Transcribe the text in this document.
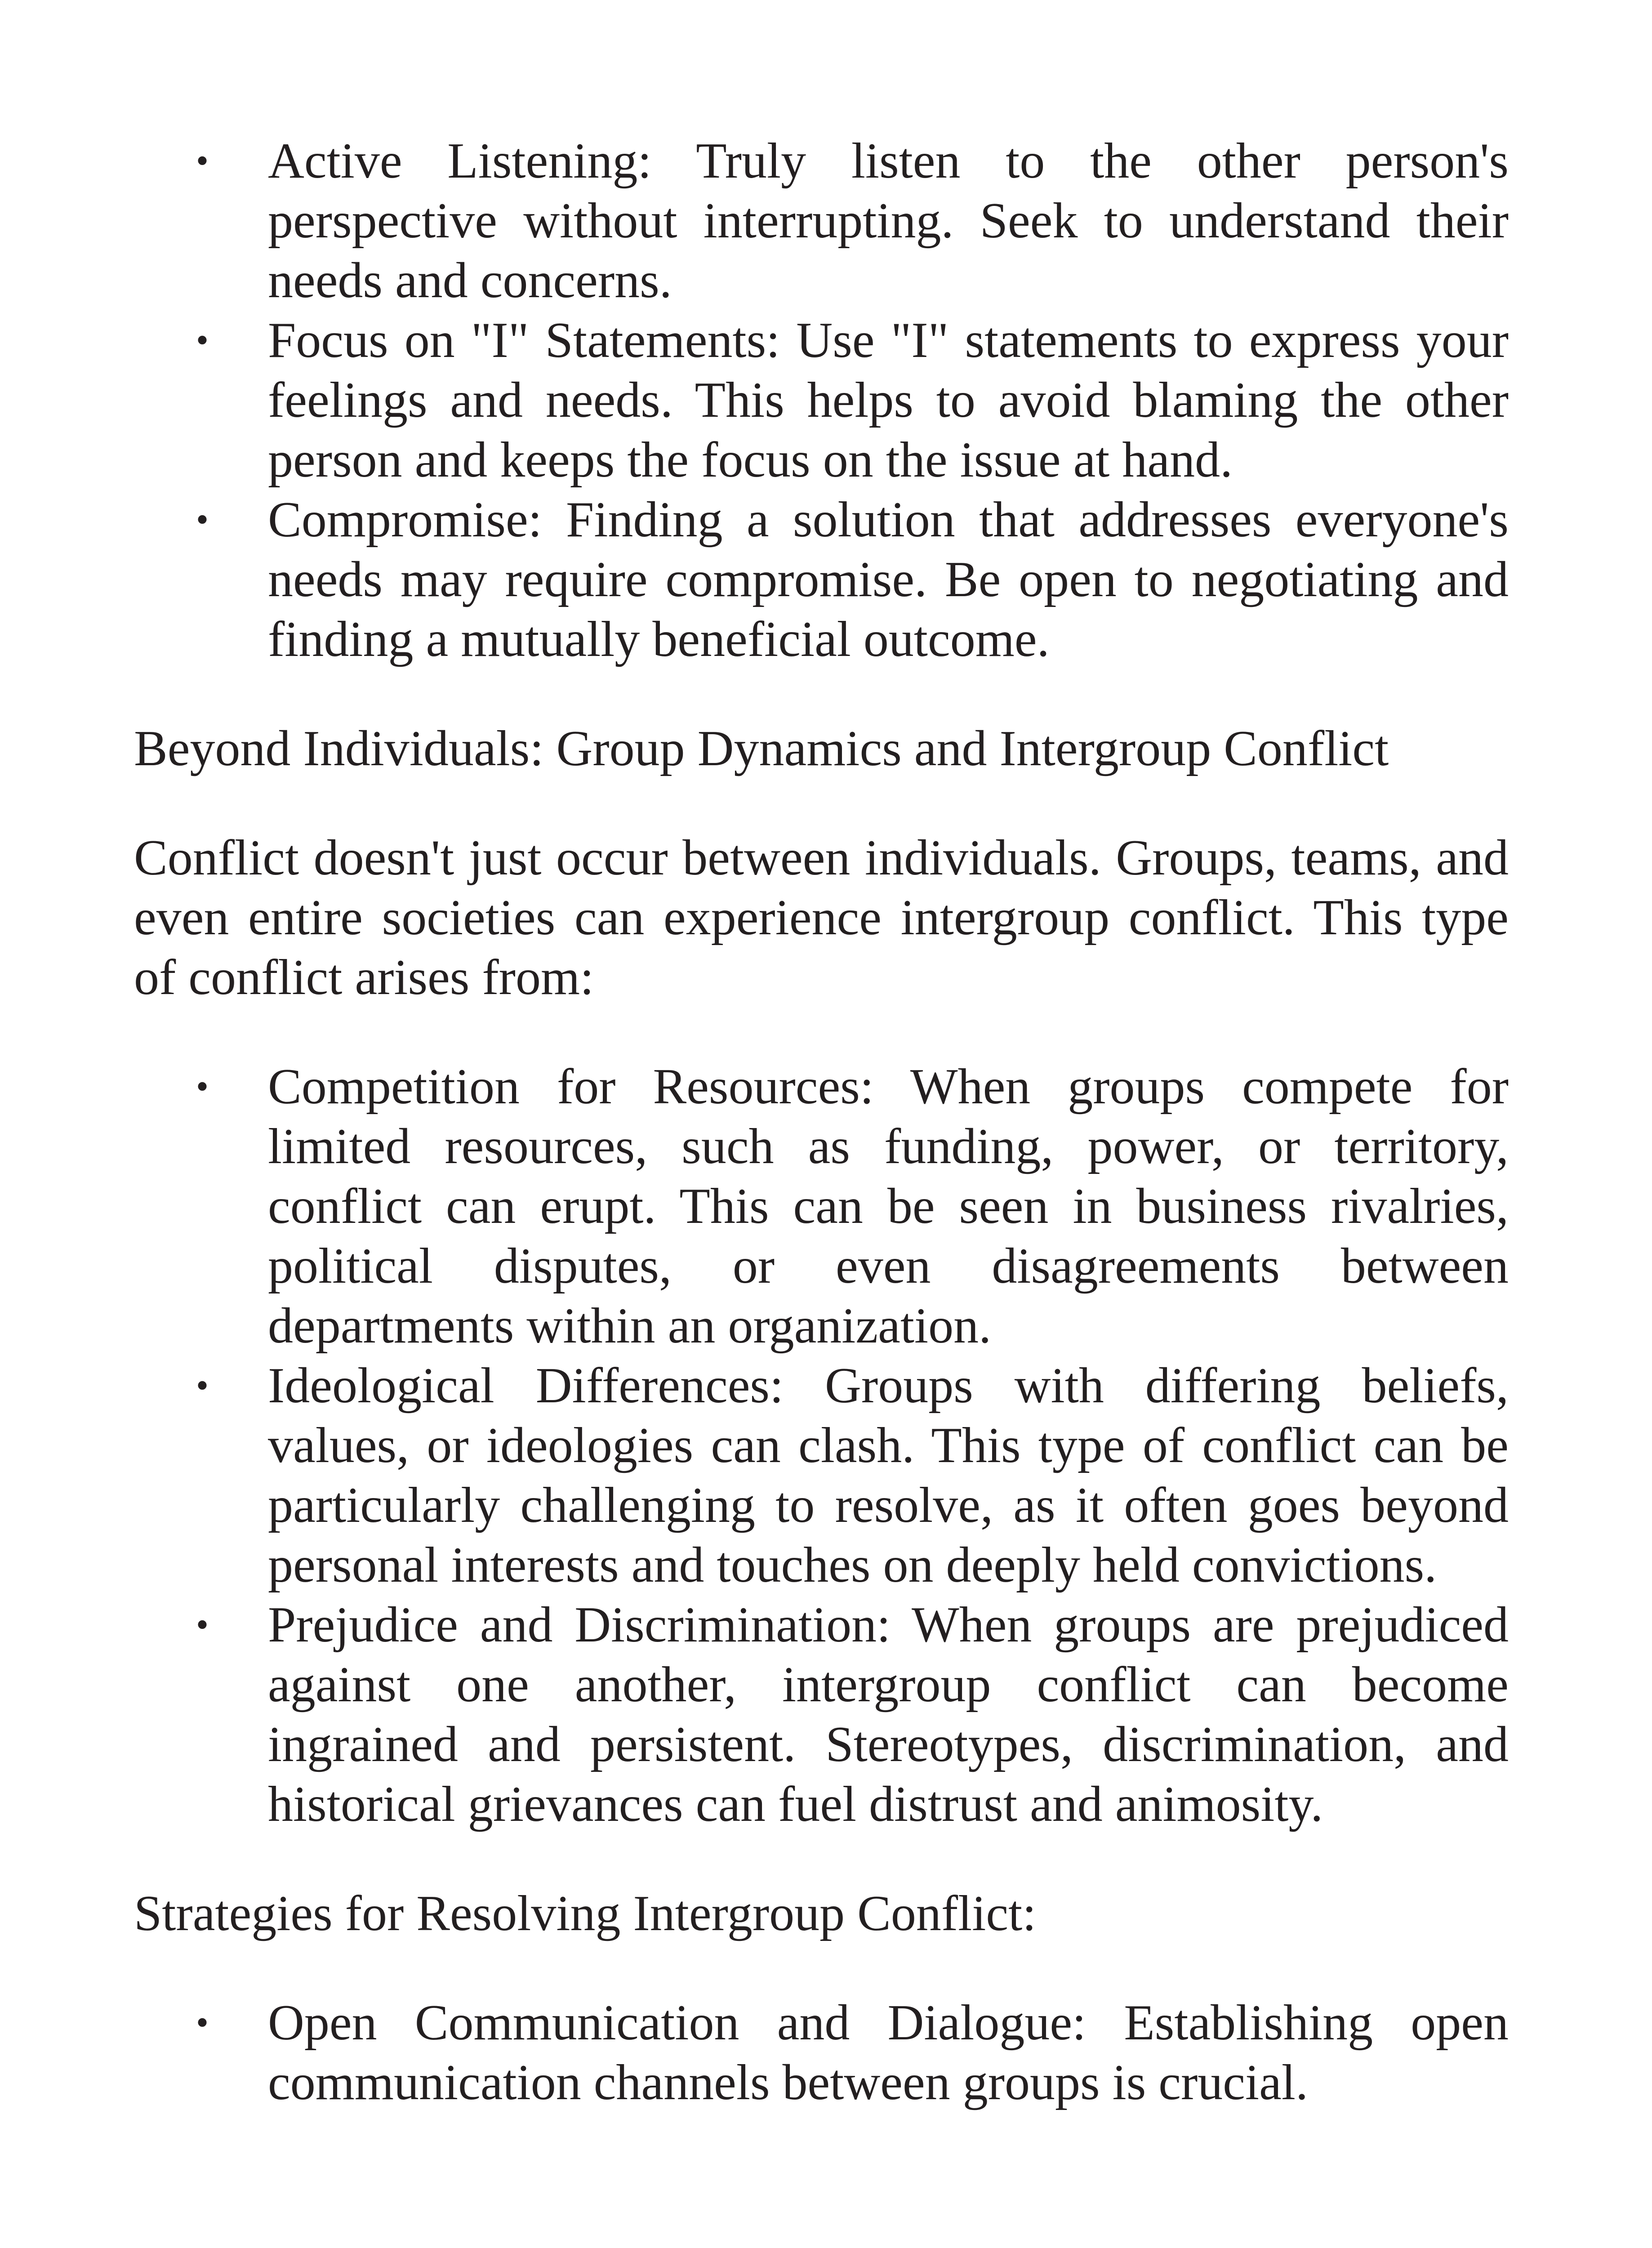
• Active Listening: Truly listen to the other person's perspective without interrupting. Seek to understand their needs and concerns.
• Focus on "I" Statements: Use "I" statements to express your feelings and needs. This helps to avoid blaming the other person and keeps the focus on the issue at hand.
• Compromise: Finding a solution that addresses everyone's needs may require compromise. Be open to negotiating and finding a mutually beneficial outcome.
Beyond Individuals: Group Dynamics and Intergroup Conflict
Conflict doesn't just occur between individuals. Groups, teams, and even entire societies can experience intergroup conflict. This type of conflict arises from:
• Competition for Resources: When groups compete for limited resources, such as funding, power, or territory, conflict can erupt. This can be seen in business rivalries, political disputes, or even disagreements between departments within an organization.
• Ideological Differences: Groups with differing beliefs, values, or ideologies can clash. This type of conflict can be particularly challenging to resolve, as it often goes beyond personal interests and touches on deeply held convictions.
• Prejudice and Discrimination: When groups are prejudiced against one another, intergroup conflict can become ingrained and persistent. Stereotypes, discrimination, and historical grievances can fuel distrust and animosity.
Strategies for Resolving Intergroup Conflict:
• Open Communication and Dialogue: Establishing open communication channels between groups is crucial.
